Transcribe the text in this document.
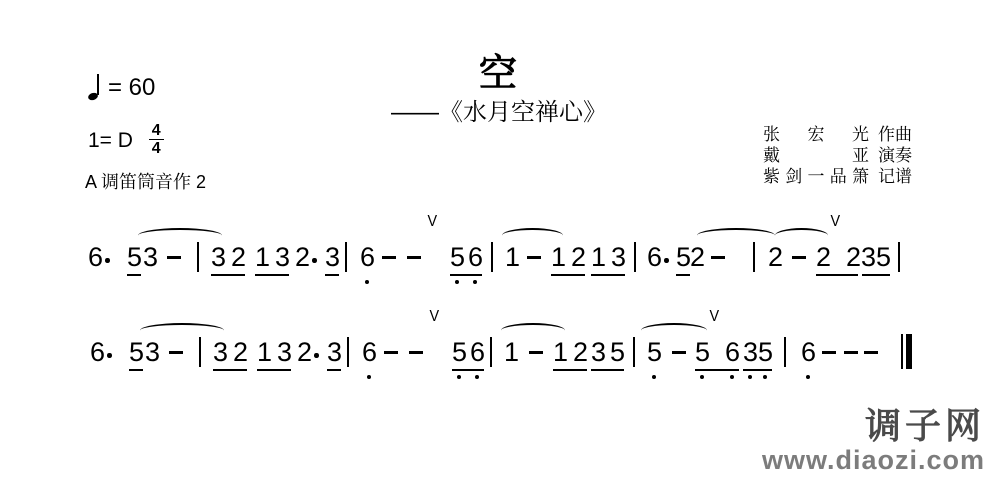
= 60	空
——《水月空禅心》
1= D $\frac{4}{4}$
A 调笛筒音作 2
张宏光 作曲
戴亚 演奏
紫剑一品箫 记谱
6 5 3 3 2 1 3 2 3 6
V
5 6 1 1 2 1 3 6 5
2 2
V
2 2 3 5
6 5 3 3 2 1 3 2 3 6
V
5 6 1 1 2 3 5 5
V
5 6 3 5 6
调子网
www.diaozi.com
